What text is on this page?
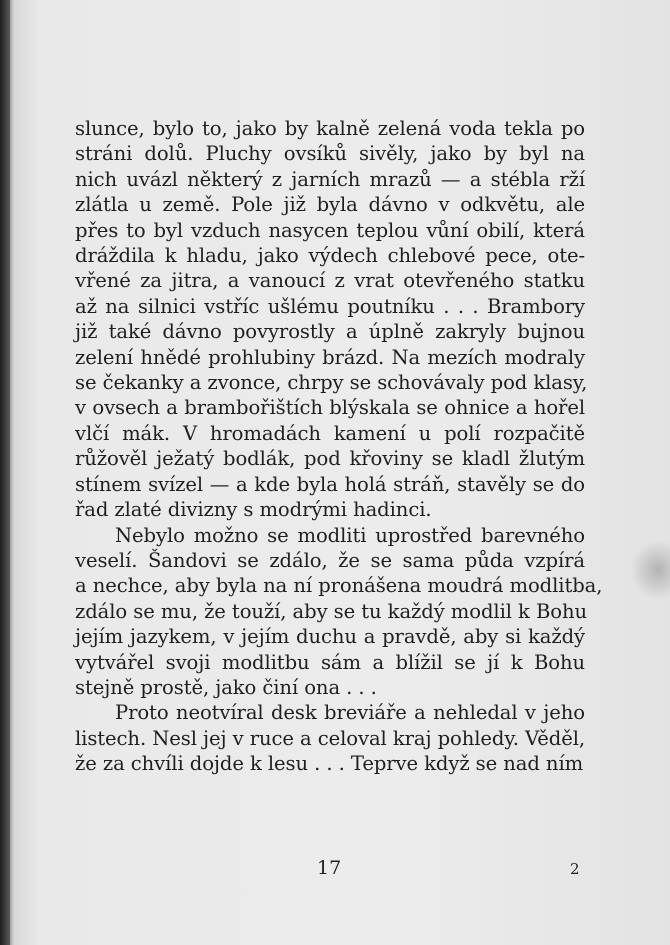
slunce, bylo to, jako by kalně zelená voda tekla po
stráni dolů. Pluchy ovsíků sivěly, jako by byl na
nich uvázl některý z jarních mrazů — a stébla rží
zlátla u země. Pole již byla dávno v odkvětu, ale
přes to byl vzduch nasycen teplou vůní obilí, která
dráždila k hladu, jako výdech chlebové pece, ote-
vřené za jitra, a vanoucí z vrat otevřeného statku
až na silnici vstříc ušlému poutníku . . . Brambory
již také dávno povyrostly a úplně zakryly bujnou
zelení hnědé prohlubiny brázd. Na mezích modraly
se čekanky a zvonce, chrpy se schovávaly pod klasy,
v ovsech a brambořištích blýskala se ohnice a hořel
vlčí mák. V hromadách kamení u polí rozpačitě
růžověl ježatý bodlák, pod křoviny se kladl žlutým
stínem svízel — a kde byla holá stráň, stavěly se do
řad zlaté divizny s modrými hadinci.
Nebylo možno se modliti uprostřed barevného
veselí. Šandovi se zdálo, že se sama půda vzpírá
a nechce, aby byla na ní pronášena moudrá modlitba,
zdálo se mu, že touží, aby se tu každý modlil k Bohu
jejím jazykem, v jejím duchu a pravdě, aby si každý
vytvářel svoji modlitbu sám a blížil se jí k Bohu
stejně prostě, jako činí ona . . .
Proto neotvíral desk breviáře a nehledal v jeho
listech. Nesl jej v ruce a celoval kraj pohledy. Věděl,
že za chvíli dojde k lesu . . . Teprve když se nad ním
17	2
